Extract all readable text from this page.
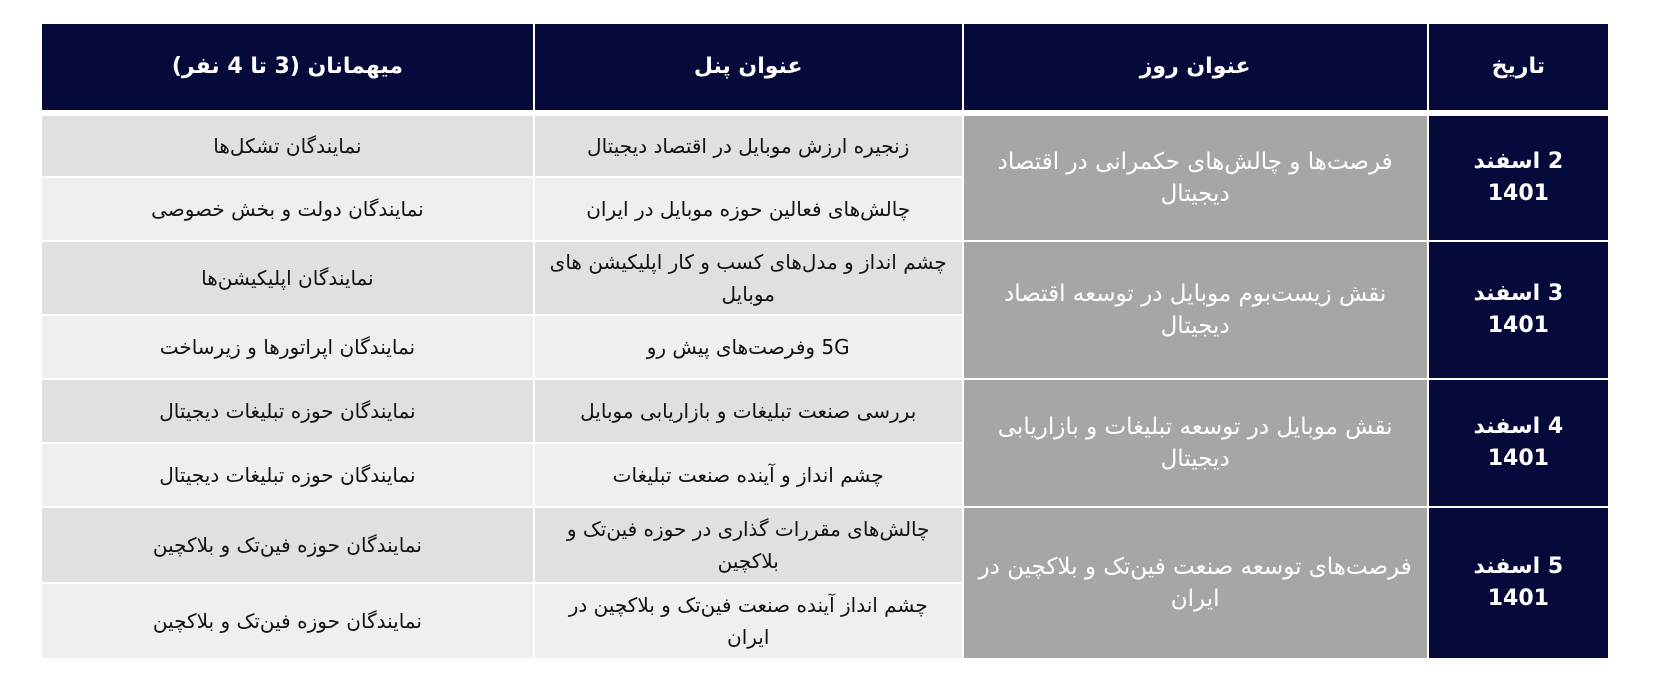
تاریخ	عنوان روز	عنوان پنل	میهمانان (3 تا 4 نفر)
2 اسفند 1401	فرصت‌ها و چالش‌های حکمرانی در اقتصاد دیجیتال	زنجیره ارزش موبایل در اقتصاد دیجیتال	نمایندگان تشکل‌ها
		چالش‌های فعالین حوزه موبایل در ایران	نمایندگان دولت و بخش خصوصی
3 اسفند 1401	نقش زیست‌بوم موبایل در توسعه اقتصاد دیجیتال	چشم انداز و مدل‌های کسب و کار اپلیکیشن های موبایل	نمایندگان اپلیکیشن‌ها
		5G وفرصت‌های پیش رو	نمایندگان اپراتورها و زیرساخت
4 اسفند 1401	نقش موبایل در توسعه تبلیغات و بازاریابی دیجیتال	بررسی صنعت تبلیغات و بازاریابی موبایل	نمایندگان حوزه تبلیغات دیجیتال
		چشم انداز و آینده صنعت تبلیغات	نمایندگان حوزه تبلیغات دیجیتال
5 اسفند 1401	فرصت‌های توسعه صنعت فین‌تک و بلاکچین در ایران	چالش‌های مقررات گذاری در حوزه فین‌تک و بلاکچین	نمایندگان حوزه فین‌تک و بلاکچین
		چشم انداز آینده صنعت فین‌تک و بلاکچین در ایران	نمایندگان حوزه فین‌تک و بلاکچین
